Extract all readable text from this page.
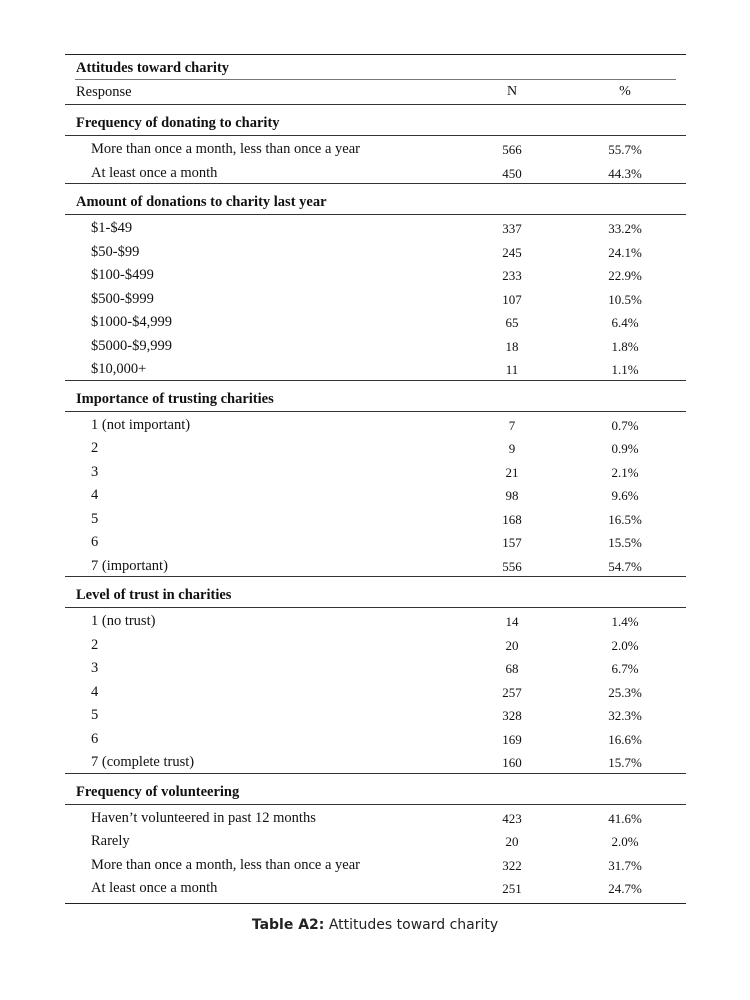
Attitudes toward charity
Response	N	%
Frequency of donating to charity
More than once a month, less than once a year	566	55.7%
At least once a month	450	44.3%
Amount of donations to charity last year
$1-$49	337	33.2%
$50-$99	245	24.1%
$100-$499	233	22.9%
$500-$999	107	10.5%
$1000-$4,999	65	6.4%
$5000-$9,999	18	1.8%
$10,000+	11	1.1%
Importance of trusting charities
1 (not important)	7	0.7%
2	9	0.9%
3	21	2.1%
4	98	9.6%
5	168	16.5%
6	157	15.5%
7 (important)	556	54.7%
Level of trust in charities
1 (no trust)	14	1.4%
2	20	2.0%
3	68	6.7%
4	257	25.3%
5	328	32.3%
6	169	16.6%
7 (complete trust)	160	15.7%
Frequency of volunteering
Haven’t volunteered in past 12 months	423	41.6%
Rarely	20	2.0%
More than once a month, less than once a year	322	31.7%
At least once a month	251	24.7%
Table A2: Attitudes toward charity
